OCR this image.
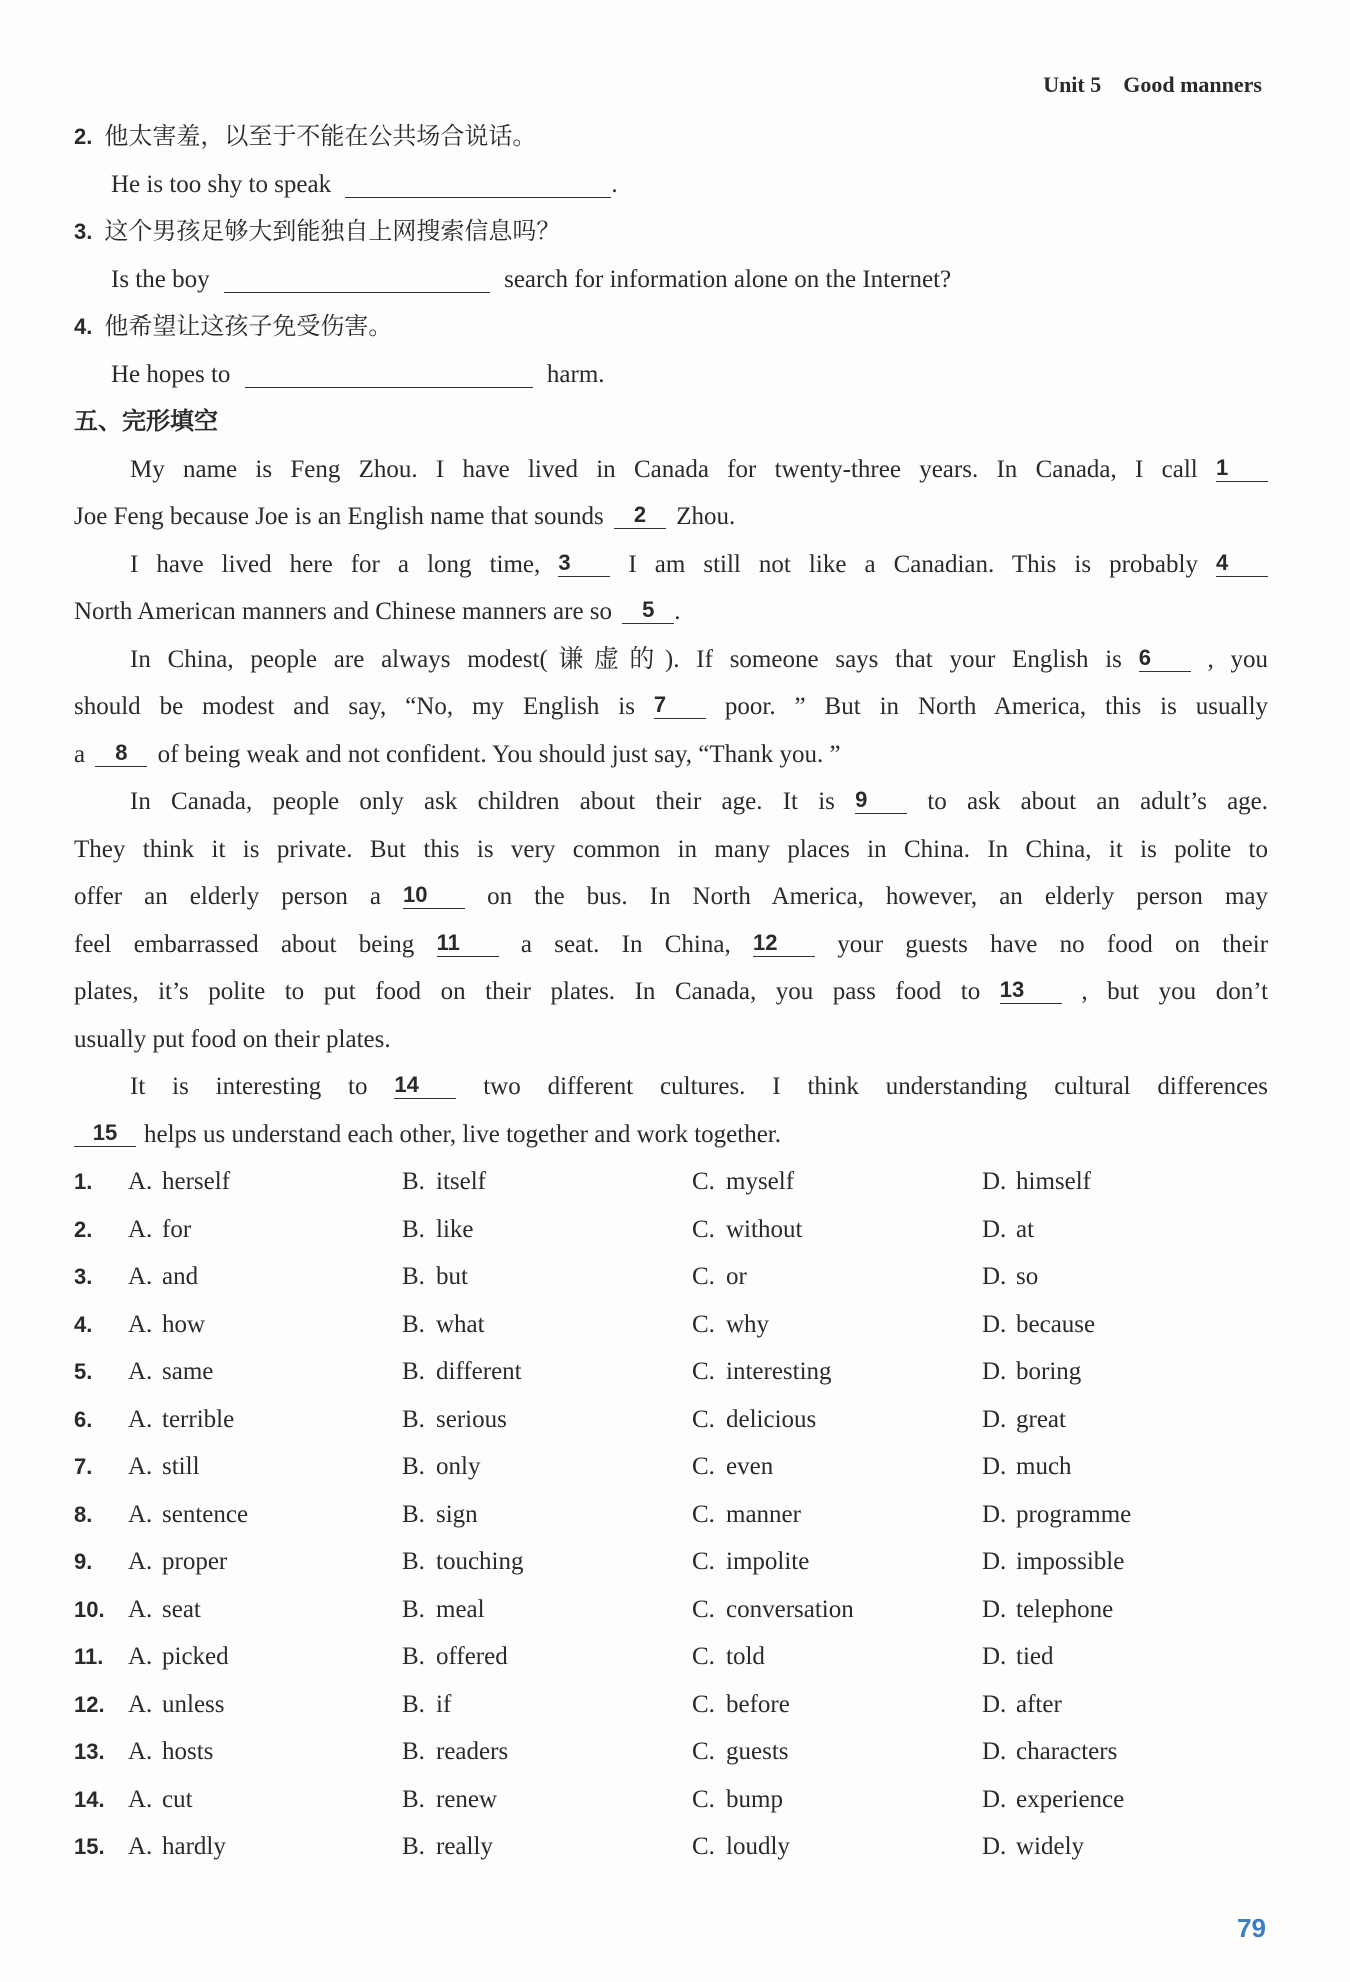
Unit 5 Good manners
2. 他太害羞，以至于不能在公共场合说话。
He is too shy to speak	.
3. 这个男孩足够大到能独自上网搜索信息吗？
Is the boy	search for information alone on the Internet?
4. 他希望让这孩子免受伤害。
He hopes to	harm.
五、完形填空
My name is Feng Zhou. I have lived in Canada for twenty-three years. In Canada, I call 1
Joe Feng because Joe is an English name that sounds 2 Zhou.
I have lived here for a long time, 3 I am still not like a Canadian. This is probably 4
North American manners and Chinese manners are so 5 .
In China, people are always modest(谦虚的). If someone says that your English is 6 , you
should be modest and say, “No, my English is 7 poor. ” But in North America, this is usually
a 8 of being weak and not confident. You should just say, “Thank you. ”
In Canada, people only ask children about their age. It is 9 to ask about an adult’s age.
They think it is private. But this is very common in many places in China. In China, it is polite to
offer an elderly person a 10 on the bus. In North America, however, an elderly person may
feel embarrassed about being 11 a seat. In China, 12 your guests have no food on their
plates, it’s polite to put food on their plates. In Canada, you pass food to 13 , but you don’t
usually put food on their plates.
It is interesting to 14	two different cultures. I think understanding cultural differences
15 helps us understand each other, live together and work together.
1.	A. herself	B. itself	C. myself	D. himself
2.	A. for	B. like	C. without	D. at
3.	A. and	B. but	C. or	D. so
4.	A. how	B. what	C. why	D. because
5.	A. same	B. different	C. interesting	D. boring
6.	A. terrible	B. serious	C. delicious	D. great
7.	A. still	B. only	C. even	D. much
8.	A. sentence	B. sign	C. manner	D. programme
9.	A. proper	B. touching	C. impolite	D. impossible
10. A. seat	B. meal	C. conversation	D. telephone
11. A. picked	B. offered	C. told	D. tied
12. A. unless	B. if	C. before	D. after
13. A. hosts	B. readers	C. guests	D. characters
14. A. cut	B. renew	C. bump	D. experience
15. A. hardly	B. really	C. loudly	D. widely
79
